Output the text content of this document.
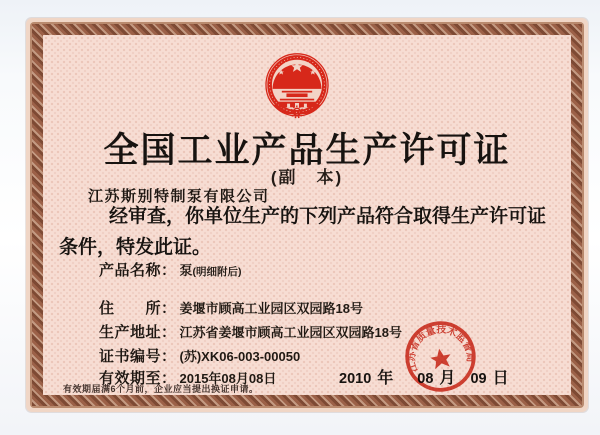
全国工业产品生产许可证
(副　本)
江苏斯别特制泵有限公司

经审查，你单位生产的下列产品符合取得生产许可证条件，特发此证。

产品名称： 泵(明细附后)
住　　所： 姜堰市顾高工业园区双园路18号
生产地址： 江苏省姜堰市顾高工业园区双园路18号
证书编号： (苏)XK06-003-00050
有效期至： 2015年08月08日	2010 年 08 月 09 日
有效期届满6个月前，企业应当提出换证申请。
江苏省质量技术监督局
